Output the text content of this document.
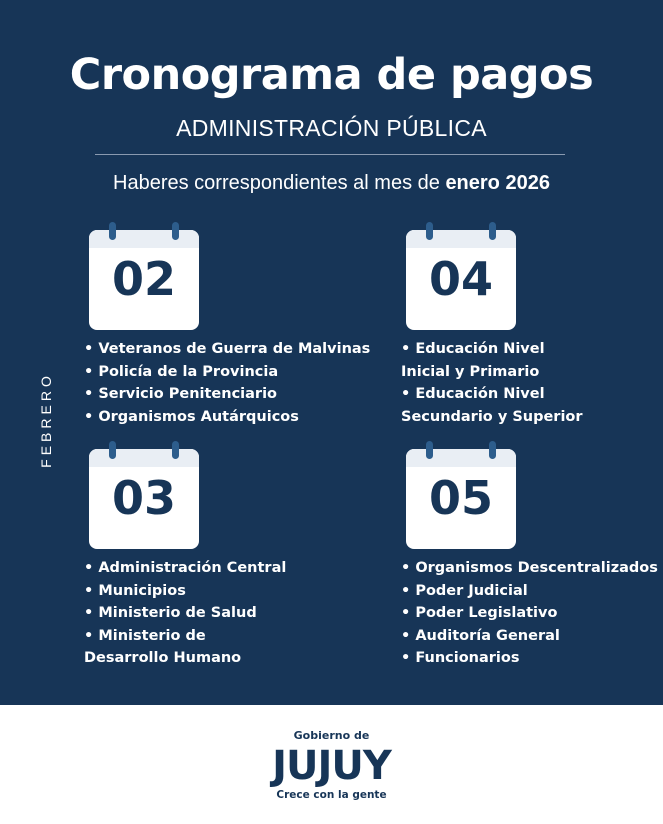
Cronograma de pagos
ADMINISTRACIÓN PÚBLICA
Haberes correspondientes al mes de enero 2026
FEBRERO
02
• Veteranos de Guerra de Malvinas
• Policía de la Provincia
• Servicio Penitenciario
• Organismos Autárquicos
04
• Educación Nivel
Inicial y Primario
• Educación Nivel
Secundario y Superior
03
• Administración Central
• Municipios
• Ministerio de Salud
• Ministerio de
Desarrollo Humano
05
• Organismos Descentralizados
• Poder Judicial
• Poder Legislativo
• Auditoría General
• Funcionarios
Gobierno de
JUJUY
Crece con la gente
